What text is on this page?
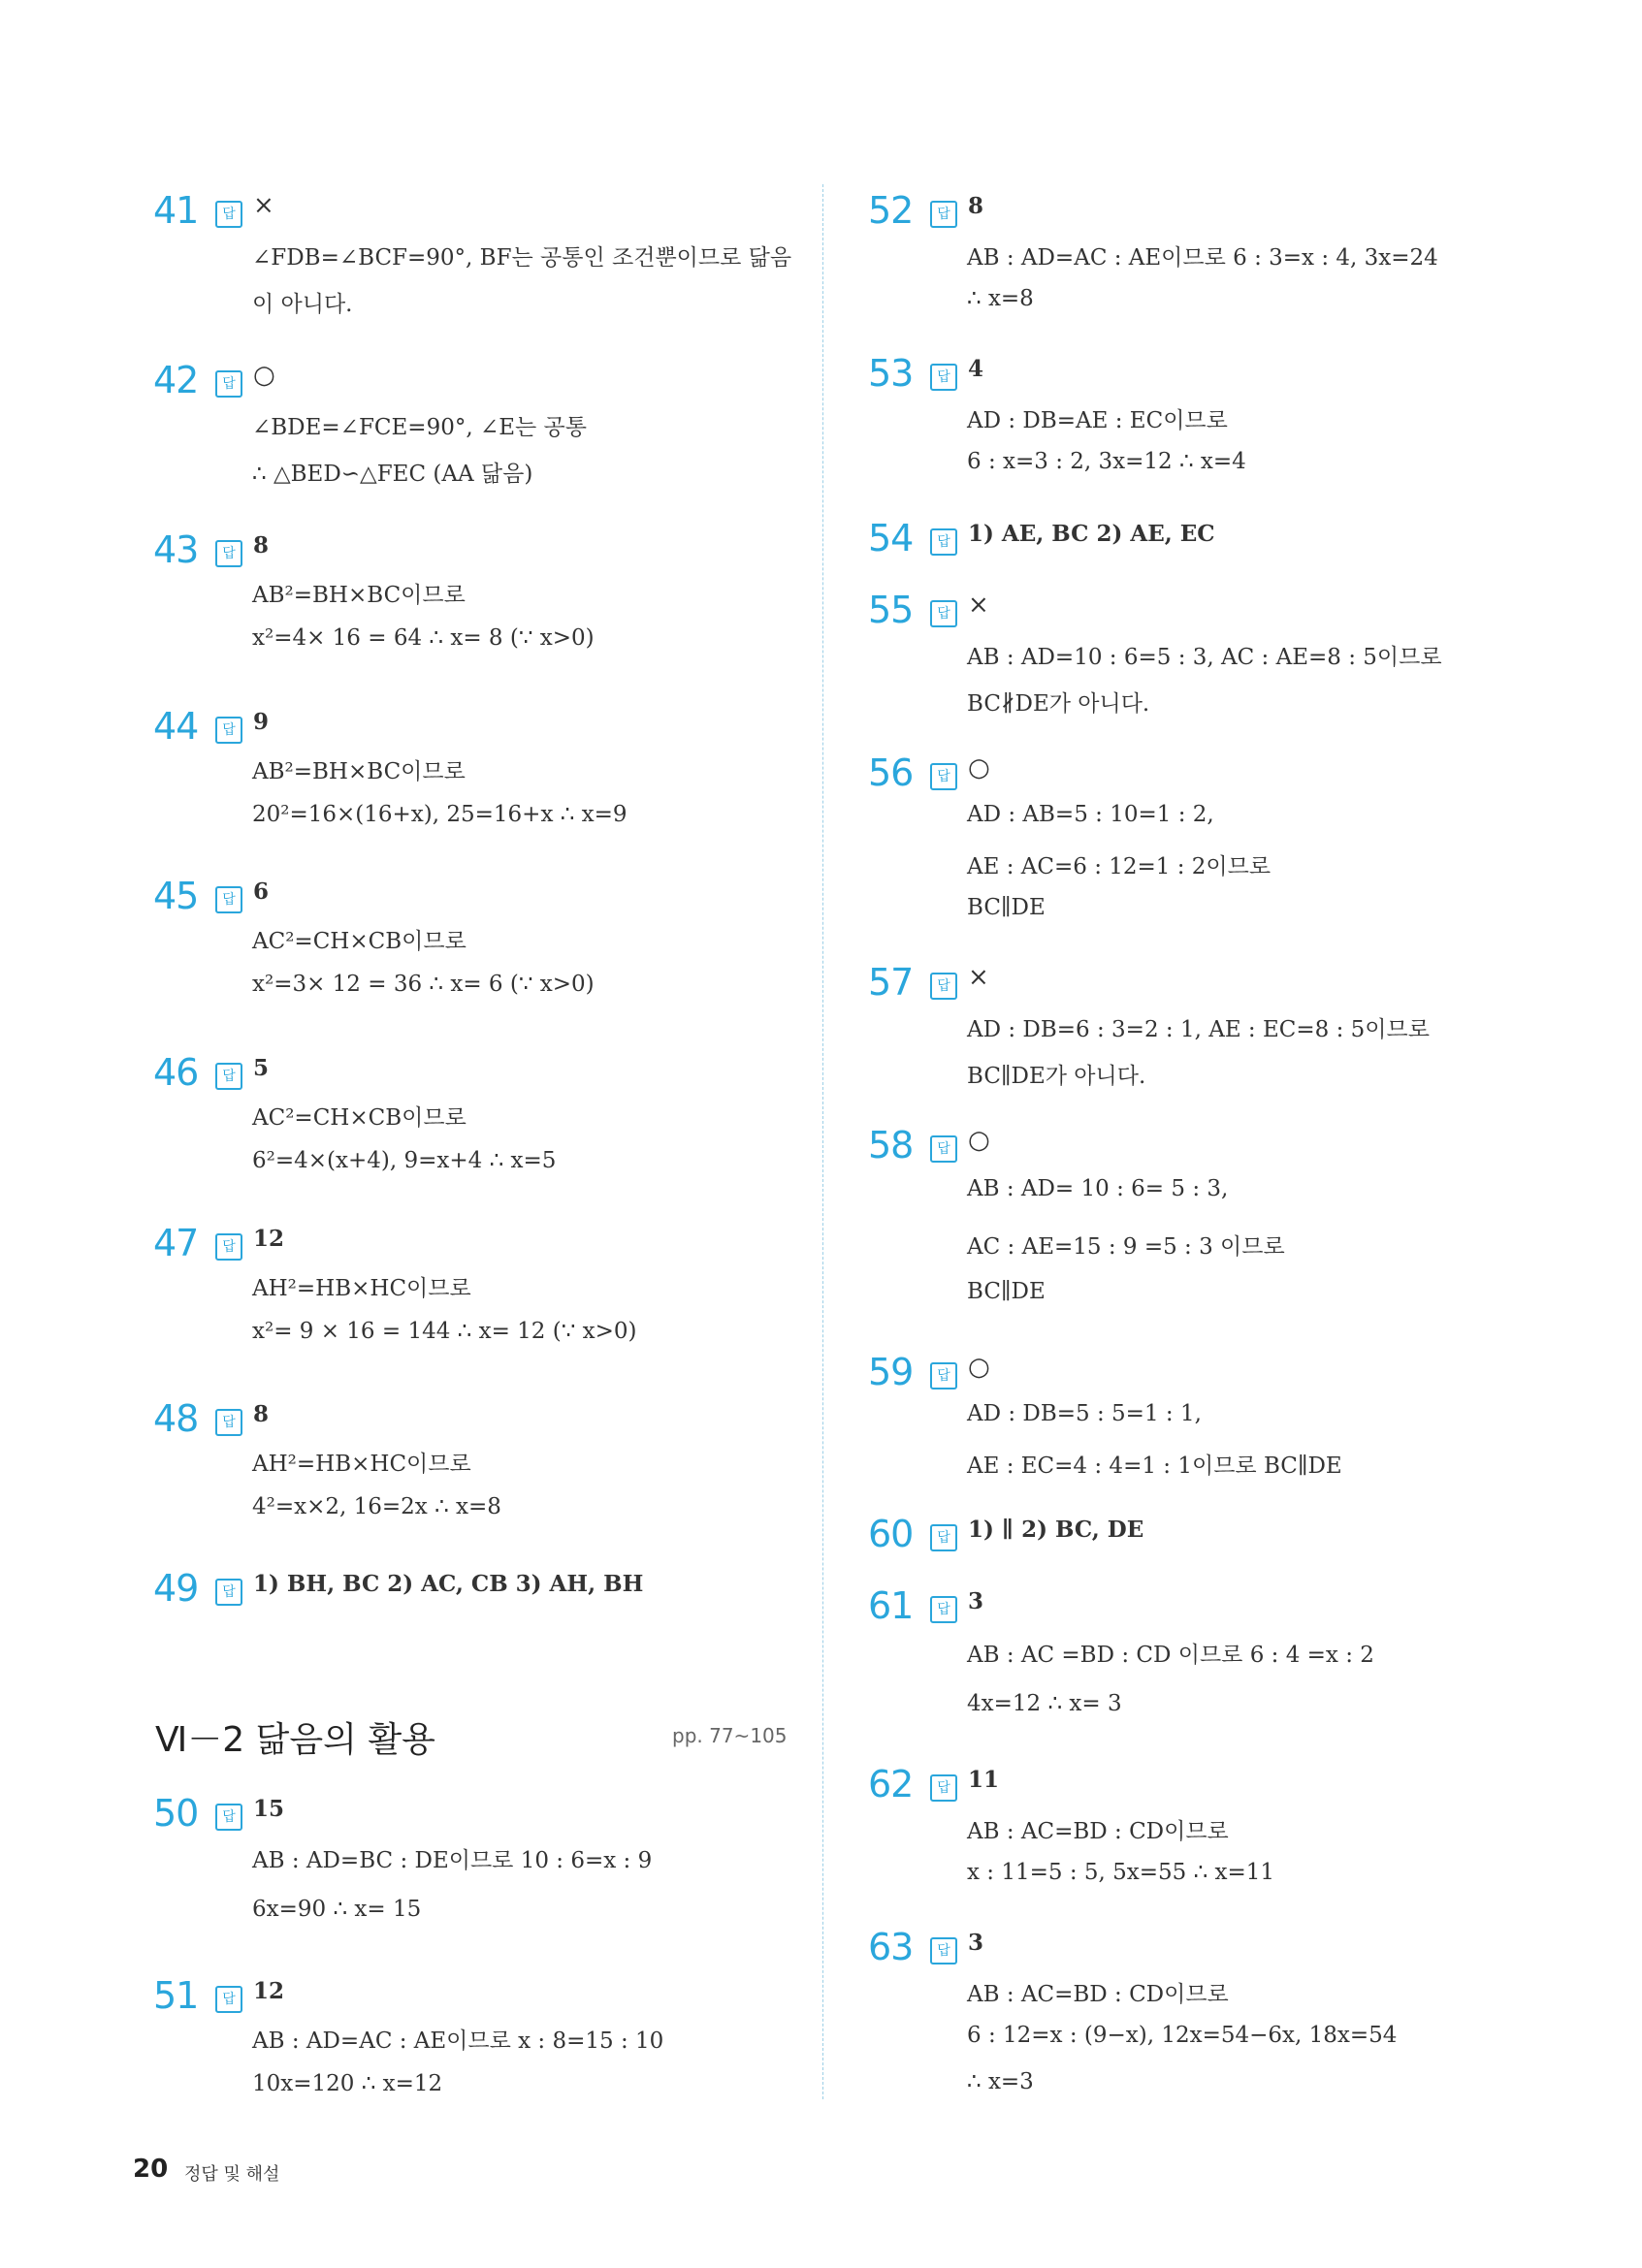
41	답 ×
∠FDB=∠BCF=90°, BF는 공통인 조건뿐이므로 닮음
이 아니다.
42	답 ○
∠BDE=∠FCE=90°, ∠E는 공통
∴ △BED∽△FEC (AA 닮음)
43	답 8
AB²=BH×BC이므로
x²=4× 16 = 64 ∴ x= 8 (∵ x>0)
44	답 9
AB²=BH×BC이므로
20²=16×(16+x), 25=16+x ∴ x=9
45	답 6
AC²=CH×CB이므로
x²=3× 12 = 36 ∴ x= 6 (∵ x>0)
46	답 5
AC²=CH×CB이므로
6²=4×(x+4), 9=x+4 ∴ x=5
47	답 12
AH²=HB×HC이므로
x²= 9 × 16 = 144 ∴ x= 12 (∵ x>0)
48	답 8
AH²=HB×HC이므로
4²=x×2, 16=2x ∴ x=8
49	답 1) BH, BC 2) AC, CB 3) AH, BH
Ⅵ－2 닮음의 활용	pp. 77~105
50	답 15
AB : AD=BC : DE이므로 10 : 6=x : 9
6x=90 ∴ x= 15
51	답 12
AB : AD=AC : AE이므로 x : 8=15 : 10
10x=120 ∴ x=12
52	답 8
AB : AD=AC : AE이므로 6 : 3=x : 4, 3x=24
∴ x=8
53	답 4
AD : DB=AE : EC이므로
6 : x=3 : 2, 3x=12 ∴ x=4
54	답 1) AE, BC 2) AE, EC
55	답 ×
AB : AD=10 : 6=5 : 3, AC : AE=8 : 5이므로
BC∦DE가 아니다.
56	답 ○
AD : AB=5 : 10=1 : 2,
AE : AC=6 : 12=1 : 2이므로
BC∥DE
57	답 ×
AD : DB=6 : 3=2 : 1, AE : EC=8 : 5이므로
BC∥DE가 아니다.
58	답 ○
AB : AD= 10 : 6= 5 : 3,
AC : AE=15 : 9 =5 : 3 이므로
BC∥DE
59	답 ○
AD : DB=5 : 5=1 : 1,
AE : EC=4 : 4=1 : 1이므로 BC∥DE
60	답 1) ∥ 2) BC, DE
61	답 3
AB : AC =BD : CD 이므로 6 : 4 =x : 2
4x=12 ∴ x= 3
62	답 11
AB : AC=BD : CD이므로
x : 11=5 : 5, 5x=55 ∴ x=11
63	답 3
AB : AC=BD : CD이므로
6 : 12=x : (9−x), 12x=54−6x, 18x=54
∴ x=3
20 정답 및 해설
